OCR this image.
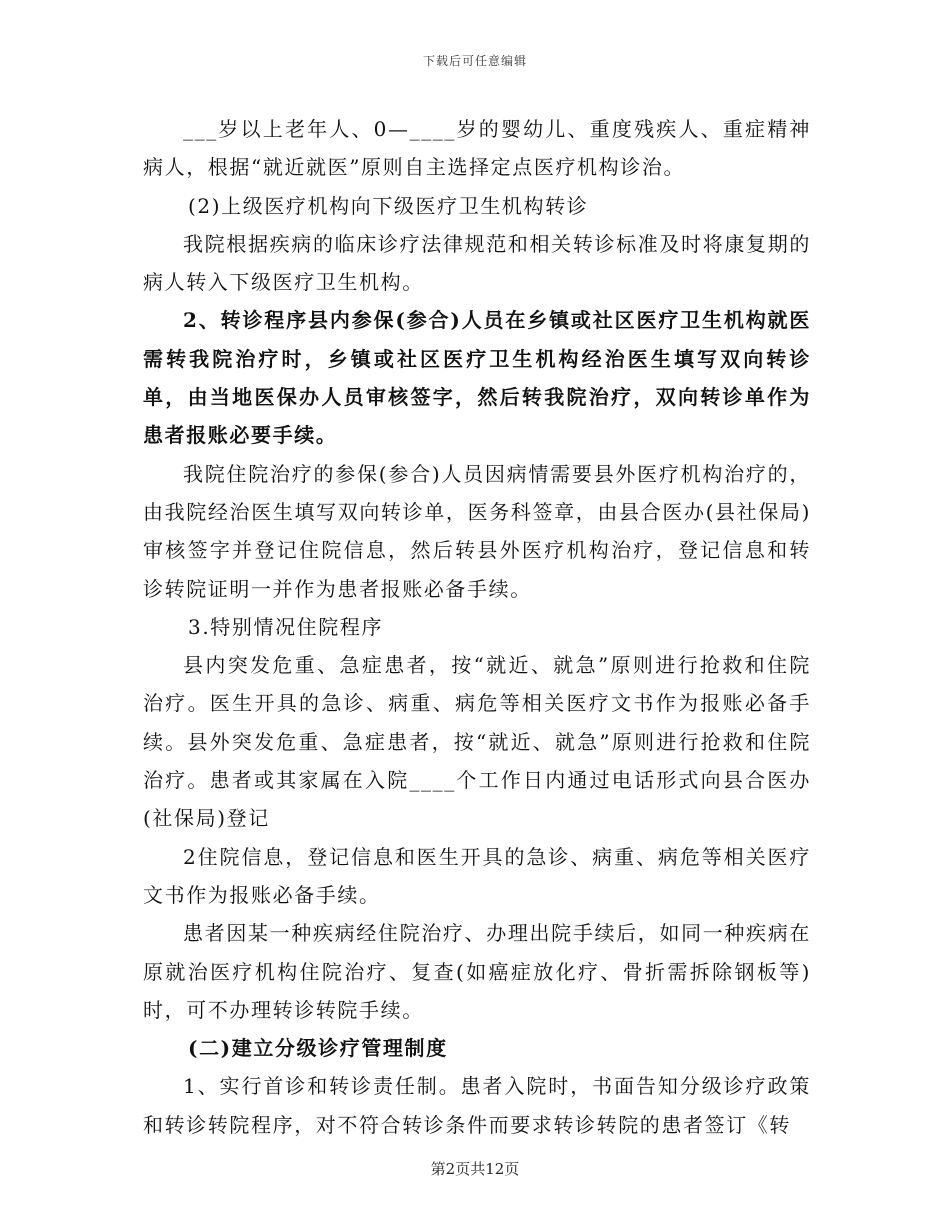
下载后可任意编辑

___岁以上老年人、0—____岁的婴幼儿、重度残疾人、重症精神病人，根据“就近就医”原则自主选择定点医疗机构诊治。

(2)上级医疗机构向下级医疗卫生机构转诊

我院根据疾病的临床诊疗法律规范和相关转诊标准及时将康复期的病人转入下级医疗卫生机构。

2、转诊程序县内参保(参合)人员在乡镇或社区医疗卫生机构就医需转我院治疗时，乡镇或社区医疗卫生机构经治医生填写双向转诊单，由当地医保办人员审核签字，然后转我院治疗，双向转诊单作为患者报账必要手续。

我院住院治疗的参保(参合)人员因病情需要县外医疗机构治疗的，由我院经治医生填写双向转诊单，医务科签章，由县合医办(县社保局)审核签字并登记住院信息，然后转县外医疗机构治疗，登记信息和转诊转院证明一并作为患者报账必备手续。

3.特别情况住院程序

县内突发危重、急症患者，按“就近、就急”原则进行抢救和住院治疗。医生开具的急诊、病重、病危等相关医疗文书作为报账必备手续。县外突发危重、急症患者，按“就近、就急”原则进行抢救和住院治疗。患者或其家属在入院____个工作日内通过电话形式向县合医办(社保局)登记

2住院信息，登记信息和医生开具的急诊、病重、病危等相关医疗文书作为报账必备手续。

患者因某一种疾病经住院治疗、办理出院手续后，如同一种疾病在原就治医疗机构住院治疗、复查(如癌症放化疗、骨折需拆除钢板等)时，可不办理转诊转院手续。

(二)建立分级诊疗管理制度

1、实行首诊和转诊责任制。患者入院时，书面告知分级诊疗政策和转诊转院程序，对不符合转诊条件而要求转诊转院的患者签订《转

第2页共12页
